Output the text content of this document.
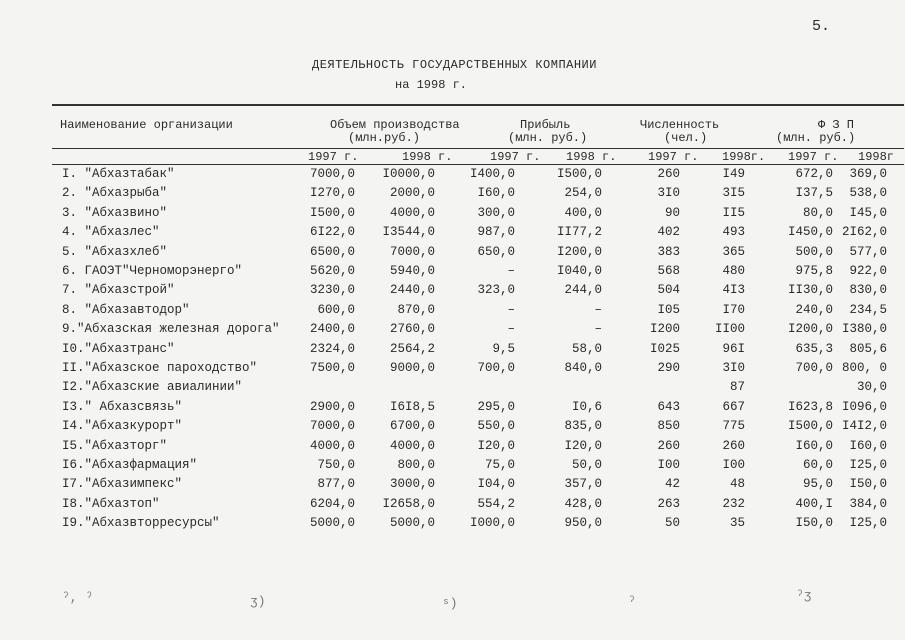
5.
ДЕЯТЕЛЬНОСТЬ ГОСУДАРСТВЕННЫХ КОМПАНИИ
на 1998 г.
Наименование организации	Объем производства
(млн.руб.)
Прибыль
(млн. руб.)
Численность
(чел.)
Ф З П
(млн. руб.)
1997 г.	1998 г.	1997 г. 1998 г.	1997 г. 1998г. 1997 г. 1998г
I. "Абхазтабак"	7000,0 I0000,0	I400,0	I500,0	260	I49	672,0 369,0
2. "Абхазрыба"	I270,0	2000,0	I60,0	254,0	3I0	3I5	I37,5 538,0
3. "Абхазвино"	I500,0	4000,0	300,0	400,0	90	II5	80,0 I45,0
4. "Абхазлес"	6I22,0 I3544,0	987,0	II77,2	402	493	I450,0 2I62,0
5. "Абхазхлеб"	6500,0	7000,0	650,0	I200,0	383	365	500,0 577,0
6. ГАОЭТ"Черноморэнерго"	5620,0	5940,0	–	I040,0	568	480	975,8 922,0
7. "Абхазстрой"	3230,0	2440,0	323,0	244,0	504	4I3	II30,0 830,0
8. "Абхазавтодор"	600,0	870,0	–	–	I05	I70	240,0 234,5
9."Абхазская железная дорога" 2400,0	2760,0	–	–	I200	II00	I200,0 I380,0
I0."Абхазтранс"	2324,0	2564,2	9,5	58,0	I025	96I	635,3 805,6
II."Абхазское пароходство"	7500,0	9000,0	700,0	840,0	290	3I0	700,0 800, 0
I2."Абхазские авиалинии"	87	30,0
I3." Абхазсвязь"	2900,0	I6I8,5	295,0	I0,6	643	667	I623,8 I096,0
I4."Абхазкурорт"	7000,0	6700,0	550,0	835,0	850	775	I500,0 I4I2,0
I5."Абхазторг"	4000,0	4000,0	I20,0	I20,0	260	260	I60,0 I60,0
I6."Абхазфармация"	750,0	800,0	75,0	50,0	I00	I00	60,0 I25,0
I7."Абхазимпекс"	877,0	3000,0	I04,0	357,0	42	48	95,0 I50,0
I8."Абхазтоп"	6204,0 I2658,0	554,2	428,0	263	232	400,I 384,0
I9."Абхазвторресурсы"	5000,0	5000,0	I000,0	950,0	50	35	I50,0 I25,0
ˀ, ˀ	ʒ)	ˢ)	ˀ	ˀʒ
